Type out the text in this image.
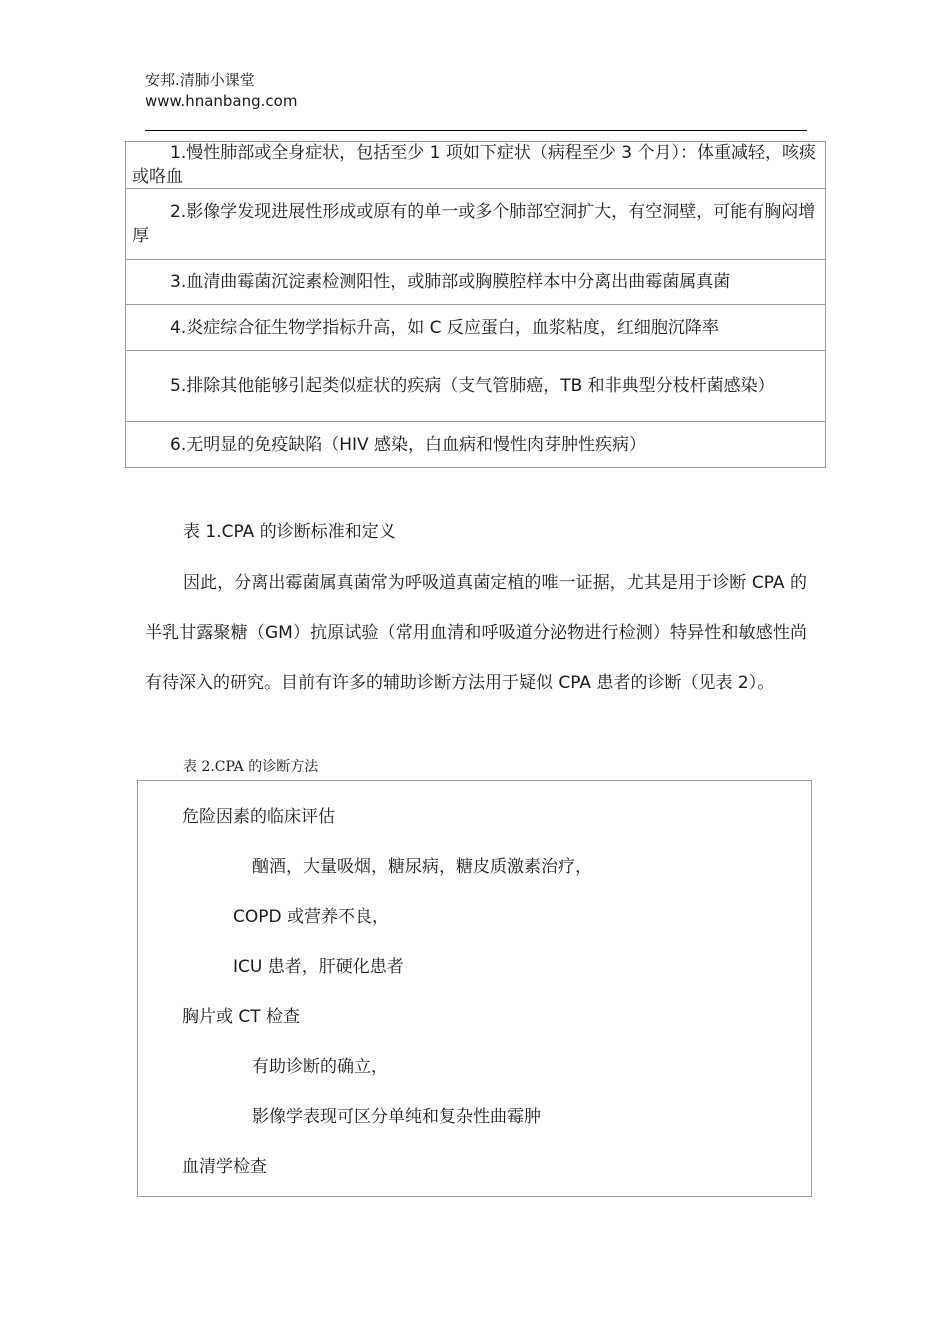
安邦.清肺小课堂
www.hnanbang.com

1.慢性肺部或全身症状，包括至少 1 项如下症状（病程至少 3 个月）：体重减轻，咳痰或咯血

2.影像学发现进展性形成或原有的单一或多个肺部空洞扩大，有空洞壁，可能有胸闷增厚

3.血清曲霉菌沉淀素检测阳性，或肺部或胸膜腔样本中分离出曲霉菌属真菌

4.炎症综合征生物学指标升高，如 C 反应蛋白，血浆粘度，红细胞沉降率

5.排除其他能够引起类似症状的疾病（支气管肺癌，TB 和非典型分枝杆菌感染）

6.无明显的免疫缺陷（HIV 感染，白血病和慢性肉芽肿性疾病）

表 1.CPA 的诊断标准和定义

因此，分离出霉菌属真菌常为呼吸道真菌定植的唯一证据，尤其是用于诊断 CPA 的半乳甘露聚糖（GM）抗原试验（常用血清和呼吸道分泌物进行检测）特异性和敏感性尚有待深入的研究。目前有许多的辅助诊断方法用于疑似 CPA 患者的诊断（见表 2）。

表 2.CPA 的诊断方法
危险因素的临床评估
酗酒，大量吸烟，糖尿病，糖皮质激素治疗，
COPD 或营养不良，
ICU 患者，肝硬化患者
胸片或 CT 检查
有助诊断的确立，
影像学表现可区分单纯和复杂性曲霉肿
血清学检查
